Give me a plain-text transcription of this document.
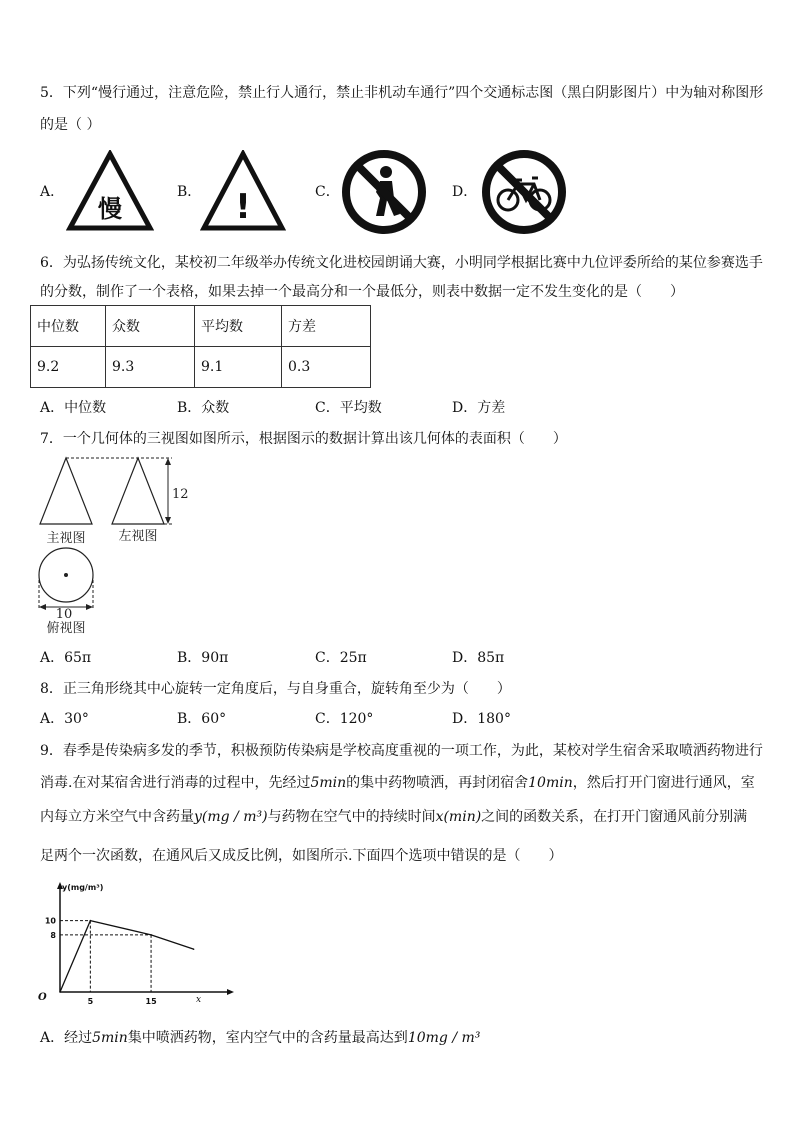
5．下列“慢行通过，注意危险，禁止行人通行，禁止非机动车通行”四个交通标志图（黑白阴影图片）中为轴对称图形
的是（ ）
A．
慢
B． !	C．	D．
6．为弘扬传统文化，某校初二年级举办传统文化进校园朗诵大赛，小明同学根据比赛中九位评委所给的某位参赛选手
的分数，制作了一个表格，如果去掉一个最高分和一个最低分，则表中数据一定不发生变化的是（　　）
中位数	众数	平均数	方差
9.2	9.3	9.1	0.3
A．中位数	B．众数	C．平均数	D．方差
7．一个几何体的三视图如图所示，根据图示的数据计算出该几何体的表面积（　　）
12
主视图	左视图
10
俯视图
A．65π	B．90π	C．25π	D．85π
8．正三角形绕其中心旋转一定角度后，与自身重合，旋转角至少为（　　）
A．30°	B．60°	C．120°	D．180°
9．春季是传染病多发的季节，积极预防传染病是学校高度重视的一项工作，为此，某校对学生宿舍采取喷洒药物进行
消毒.在对某宿舍进行消毒的过程中，先经过5min的集中药物喷洒，再封闭宿舍10min，然后打开门窗进行通风，室
内每立方米空气中含药量y(mg / m³)与药物在空气中的持续时间x(min)之间的函数关系，在打开门窗通风前分别满
足两个一次函数，在通风后又成反比例，如图所示.下面四个选项中错误的是（　　）
y(mg/m³)
x
O	5	15
10
8
A．经过5min集中喷洒药物，室内空气中的含药量最高达到10mg / m³
